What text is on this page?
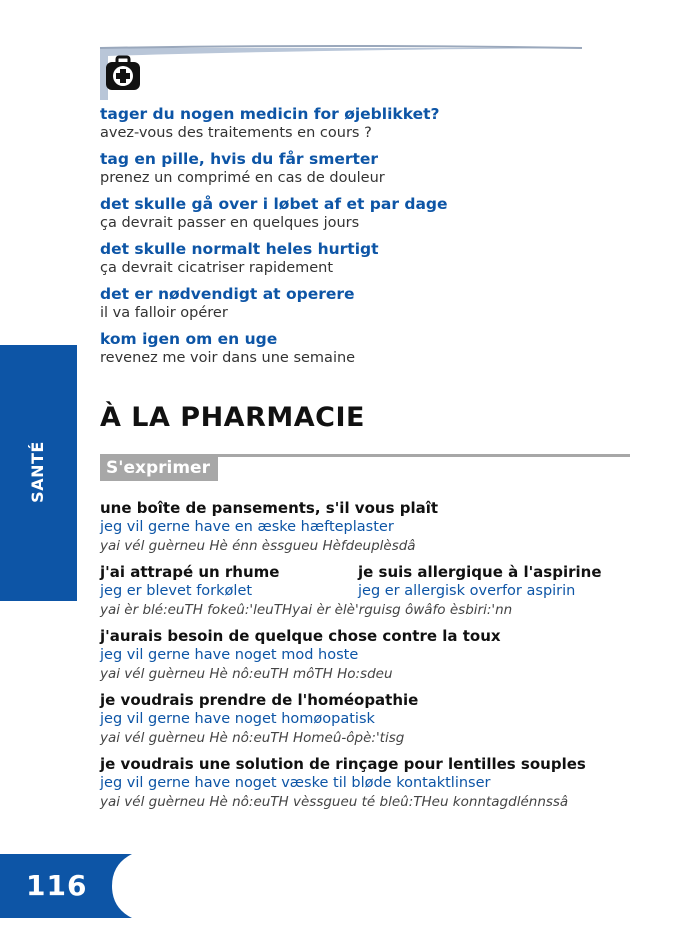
SANTÉ
tager du nogen medicin for øjeblikket?
avez-vous des traitements en cours ?
tag en pille, hvis du får smerter
prenez un comprimé en cas de douleur
det skulle gå over i løbet af et par dage
ça devrait passer en quelques jours
det skulle normalt heles hurtigt
ça devrait cicatriser rapidement
det er nødvendigt at operere
il va falloir opérer
kom igen om en uge
revenez me voir dans une semaine
À LA PHARMACIE
S'exprimer
une boîte de pansements, s'il vous plaît
jeg vil gerne have en æske hæfteplaster
yai vél guèrneu Hè énn èssgueu Hèfdeuplèsdâ
j'ai attrapé un rhume
jeg er blevet forkølet
je suis allergique à l'aspirine
jeg er allergisk overfor aspirin
yai èr blé:euTH fokeû:'leuTHyai èr èlè'rguisg ôwâfo èsbiri:'nn
j'aurais besoin de quelque chose contre la toux
jeg vil gerne have noget mod hoste
yai vél guèrneu Hè nô:euTH môTH Ho:sdeu
je voudrais prendre de l'homéopathie
jeg vil gerne have noget homøopatisk
yai vél guèrneu Hè nô:euTH Homeû-ôpè:'tisg
je voudrais une solution de rinçage pour lentilles souples
jeg vil gerne have noget væske til bløde kontaktlinser
yai vél guèrneu Hè nô:euTH vèssgueu té bleû:THeu konntagdlénnssâ
116
